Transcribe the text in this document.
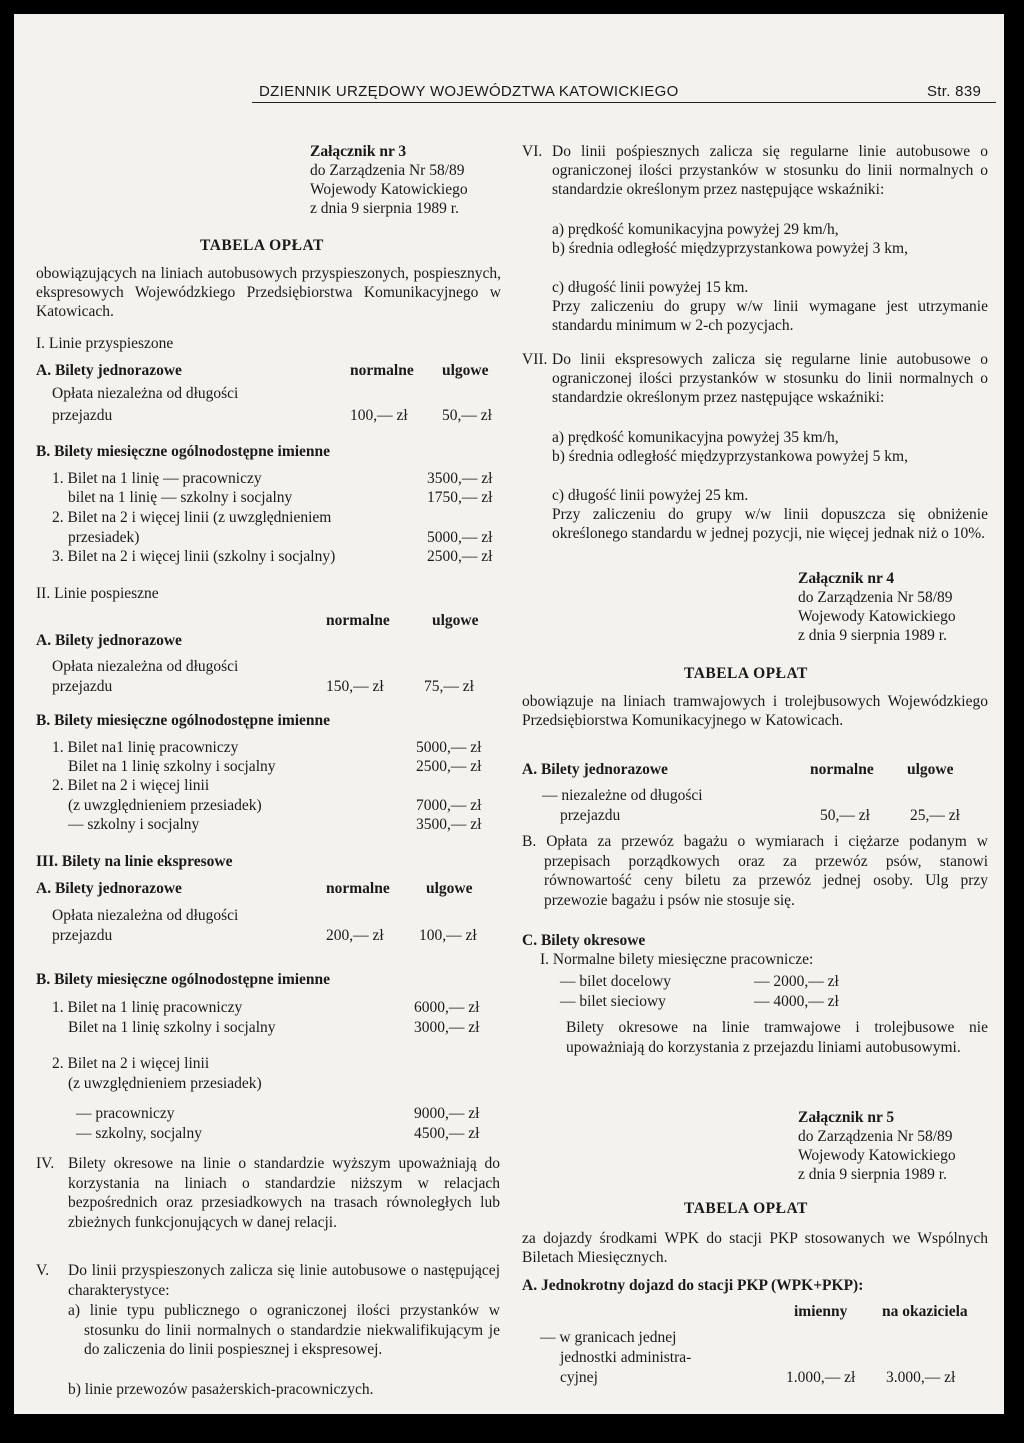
DZIENNIK URZĘDOWY WOJEWÓDZTWA KATOWICKIEGO	Str. 839
Załącznik nr 3
do Zarządzenia Nr 58/89
Wojewody Katowickiego
z dnia 9 sierpnia 1989 r.
TABELA OPŁAT
obowiązujących na liniach autobusowych przyspieszonych, pospiesznych, ekspresowych Wojewódzkiego Przedsiębiorstwa Komunikacyjnego w Katowicach.
I. Linie przyspieszone
A. Bilety jednorazowe	normalne ulgowe
Opłata niezależna od długości
przejazdu	100,— zł 50,— zł
B. Bilety miesięczne ogólnodostępne imienne
1. Bilet na 1 linię — pracowniczy	3500,— zł
bilet na 1 linię — szkolny i socjalny	1750,— zł
2. Bilet na 2 i więcej linii (z uwzględnieniem
przesiadek)	5000,— zł
3. Bilet na 2 i więcej linii (szkolny i socjalny)	2500,— zł
II. Linie pospieszne
normalne	ulgowe
A. Bilety jednorazowe
Opłata niezależna od długości
przejazdu	150,— zł	75,— zł
B. Bilety miesięczne ogólnodostępne imienne
1. Bilet na1 linię pracowniczy	5000,— zł
Bilet na 1 linię szkolny i socjalny	2500,— zł
2. Bilet na 2 i więcej linii
(z uwzględnieniem przesiadek)	7000,— zł
— szkolny i socjalny	3500,— zł
III. Bilety na linie ekspresowe
A. Bilety jednorazowe	normalne ulgowe
Opłata niezależna od długości
przejazdu	200,— zł 100,— zł
B. Bilety miesięczne ogólnodostępne imienne
1. Bilet na 1 linię pracowniczy	6000,— zł
Bilet na 1 linię szkolny i socjalny	3000,— zł
2. Bilet na 2 i więcej linii
(z uwzględnieniem przesiadek)
— pracowniczy	9000,— zł
— szkolny, socjalny	4500,— zł
IV. Bilety okresowe na linie o standardzie wyższym upoważniają do korzystania na liniach o standardzie niższym w relacjach bezpośrednich oraz przesiadkowych na trasach równoległych lub zbieżnych funkcjonujących w danej relacji.
V. Do linii przyspieszonych zalicza się linie autobusowe o następującej charakterystyce:
a) linie typu publicznego o ograniczonej ilości przystanków w stosunku do linii normalnych o standardzie niekwalifikującym je do zaliczenia do linii pospiesznej i ekspresowej.
b) linie przewozów pasażerskich-pracowniczych.
VI. Do linii pośpiesznych zalicza się regularne linie autobusowe o ograniczonej ilości przystanków w stosunku do linii normalnych o standardzie określonym przez następujące wskaźniki:
a) prędkość komunikacyjna powyżej 29 km/h,
b) średnia odległość międzyprzystankowa powyżej 3 km,
c) długość linii powyżej 15 km.
Przy zaliczeniu do grupy w/w linii wymagane jest utrzymanie standardu minimum w 2-ch pozycjach.
VII. Do linii ekspresowych zalicza się regularne linie autobusowe o ograniczonej ilości przystanków w stosunku do linii normalnych o standardzie określonym przez następujące wskaźniki:
a) prędkość komunikacyjna powyżej 35 km/h,
b) średnia odległość międzyprzystankowa powyżej 5 km,
c) długość linii powyżej 25 km.
Przy zaliczeniu do grupy w/w linii dopuszcza się obniżenie określonego standardu w jednej pozycji, nie więcej jednak niż o 10%.
Załącznik nr 4
do Zarządzenia Nr 58/89
Wojewody Katowickiego
z dnia 9 sierpnia 1989 r.
TABELA OPŁAT
obowiązuje na liniach tramwajowych i trolejbusowych Wojewódzkiego Przedsiębiorstwa Komunikacyjnego w Katowicach.
A. Bilety jednorazowe	normalne ulgowe
— niezależne od długości
przejazdu	50,— zł	25,— zł
B. Opłata za przewóz bagażu o wymiarach i ciężarze podanym w przepisach porządkowych oraz za przewóz psów, stanowi równowartość ceny biletu za przewóz jednej osoby. Ulg przy przewozie bagażu i psów nie stosuje się.
C. Bilety okresowe
I. Normalne bilety miesięczne pracownicze:
— bilet docelowy	— 2000,— zł
— bilet sieciowy	— 4000,— zł
Bilety okresowe na linie tramwajowe i trolejbusowe nie upoważniają do korzystania z przejazdu liniami autobusowymi.
Załącznik nr 5
do Zarządzenia Nr 58/89
Wojewody Katowickiego
z dnia 9 sierpnia 1989 r.
TABELA OPŁAT
za dojazdy środkami WPK do stacji PKP stosowanych we Wspólnych Biletach Miesięcznych.
A. Jednokrotny dojazd do stacji PKP (WPK+PKP):
imienny na okaziciela
— w granicach jednej
jednostki administra-
cyjnej	1.000,— zł 3.000,— zł
